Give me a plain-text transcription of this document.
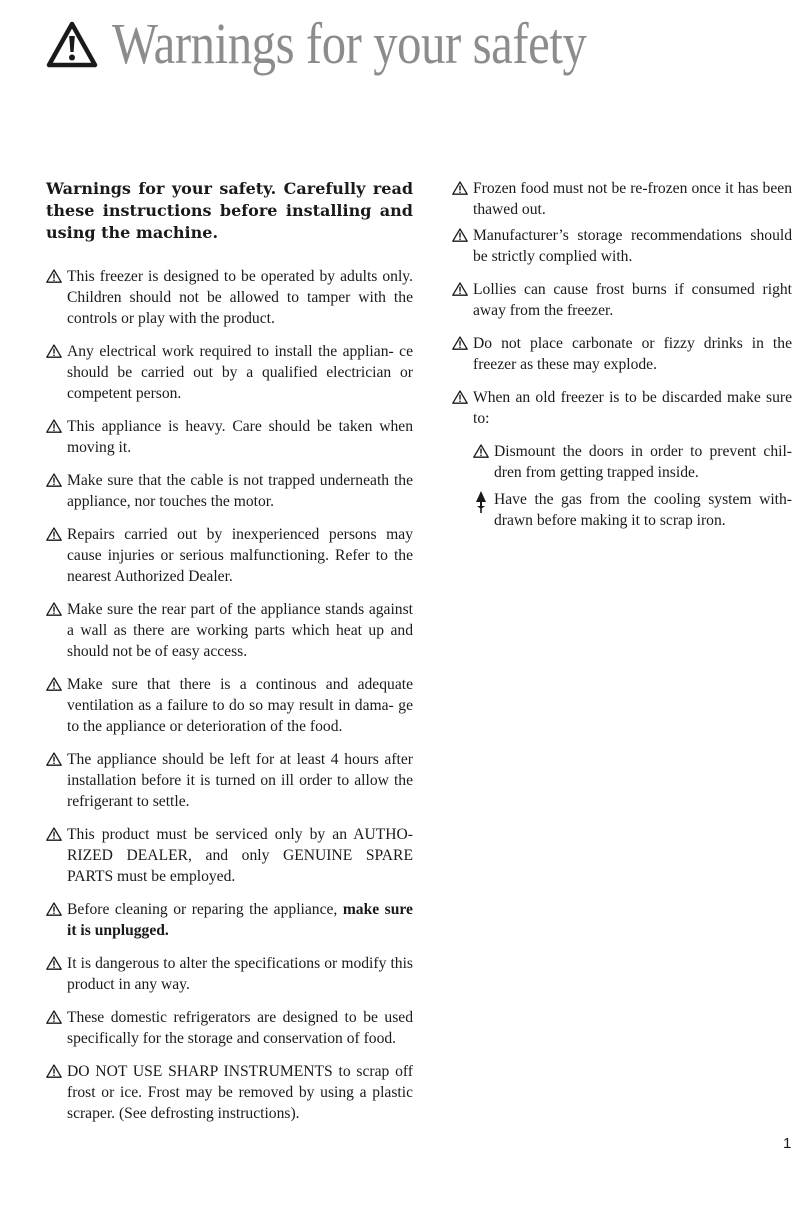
Warnings for your safety

Warnings for your safety. Carefully read these instructions before installing and using the machine.

This freezer is designed to be operated by adults only. Children should not be allowed to tamper with the controls or play with the product.
Any electrical work required to install the applian- ce should be carried out by a qualified electrician or competent person.
This appliance is heavy. Care should be taken when moving it.
Make sure that the cable is not trapped underneath the appliance, nor touches the motor.
Repairs carried out by inexperienced persons may cause injuries or serious malfunctioning. Refer to the nearest Authorized Dealer.
Make sure the rear part of the appliance stands against a wall as there are working parts which heat up and should not be of easy access.
Make sure that there is a continous and adequate ventilation as a failure to do so may result in dama- ge to the appliance or deterioration of the food.
The appliance should be left for at least 4 hours after installation before it is turned on ill order to allow the refrigerant to settle.
This product must be serviced only by an AUTHO- RIZED DEALER, and only GENUINE SPARE PARTS must be employed.
Before cleaning or reparing the appliance, make sure it is unplugged.
It is dangerous to alter the specifications or modify this product in any way.
These domestic refrigerators are designed to be used specifically for the storage and conservation of food.
DO NOT USE SHARP INSTRUMENTS to scrap off frost or ice. Frost may be removed by using a plastic scraper. (See defrosting instructions).
Frozen food must not be re-frozen once it has been thawed out.
Manufacturer’s storage recommendations should be strictly complied with.
Lollies can cause frost burns if consumed right away from the freezer.
Do not place carbonate or fizzy drinks in the freezer as these may explode.
When an old freezer is to be discarded make sure to:
Dismount the doors in order to prevent chil- dren from getting trapped inside.
Have the gas from the cooling system with- drawn before making it to scrap iron.
1
